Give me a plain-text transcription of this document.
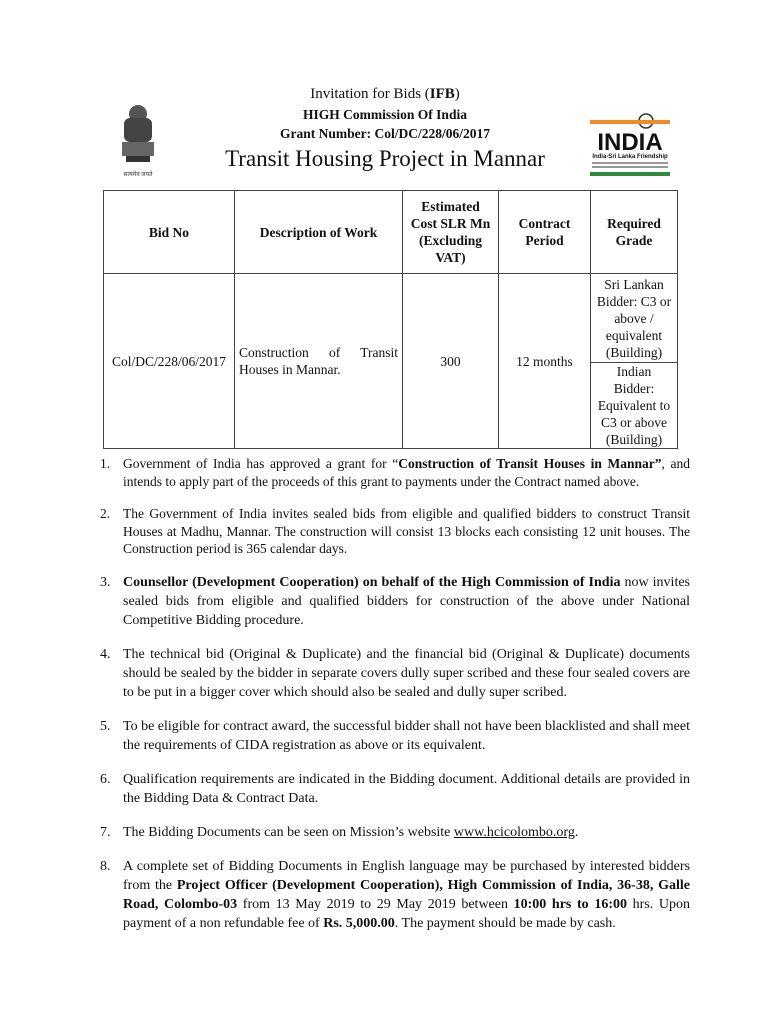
सत्यमेव जयते
INDIA
India-Sri Lanka Friendship
Invitation for Bids (IFB)
HIGH Commission Of India
Grant Number: Col/DC/228/06/2017
Transit Housing Project in Mannar
Bid No	Description of Work	Estimated Cost SLR Mn (Excluding VAT)	Contract Period	Required Grade
Col/DC/228/06/2017	Construction of Transit Houses in Mannar.	300	12 months	Sri Lankan Bidder: C3 or above / equivalent (Building)
				Indian Bidder: Equivalent to C3 or above (Building)
1. Government of India has approved a grant for “Construction of Transit Houses in Mannar”, and intends to apply part of the proceeds of this grant to payments under the Contract named above.
2. The Government of India invites sealed bids from eligible and qualified bidders to construct Transit Houses at Madhu, Mannar. The construction will consist 13 blocks each consisting 12 unit houses. The Construction period is 365 calendar days.
3. Counsellor (Development Cooperation) on behalf of the High Commission of India now invites sealed bids from eligible and qualified bidders for construction of the above under National Competitive Bidding procedure.
4. The technical bid (Original & Duplicate) and the financial bid (Original & Duplicate) documents should be sealed by the bidder in separate covers dully super scribed and these four sealed covers are to be put in a bigger cover which should also be sealed and dully super scribed.
5. To be eligible for contract award, the successful bidder shall not have been blacklisted and shall meet the requirements of CIDA registration as above or its equivalent.
6. Qualification requirements are indicated in the Bidding document. Additional details are provided in the Bidding Data & Contract Data.
7. The Bidding Documents can be seen on Mission’s website www.hcicolombo.org.
8. A complete set of Bidding Documents in English language may be purchased by interested bidders from the Project Officer (Development Cooperation), High Commission of India, 36-38, Galle Road, Colombo-03 from 13 May 2019 to 29 May 2019 between 10:00 hrs to 16:00 hrs. Upon payment of a non refundable fee of Rs. 5,000.00. The payment should be made by cash.
